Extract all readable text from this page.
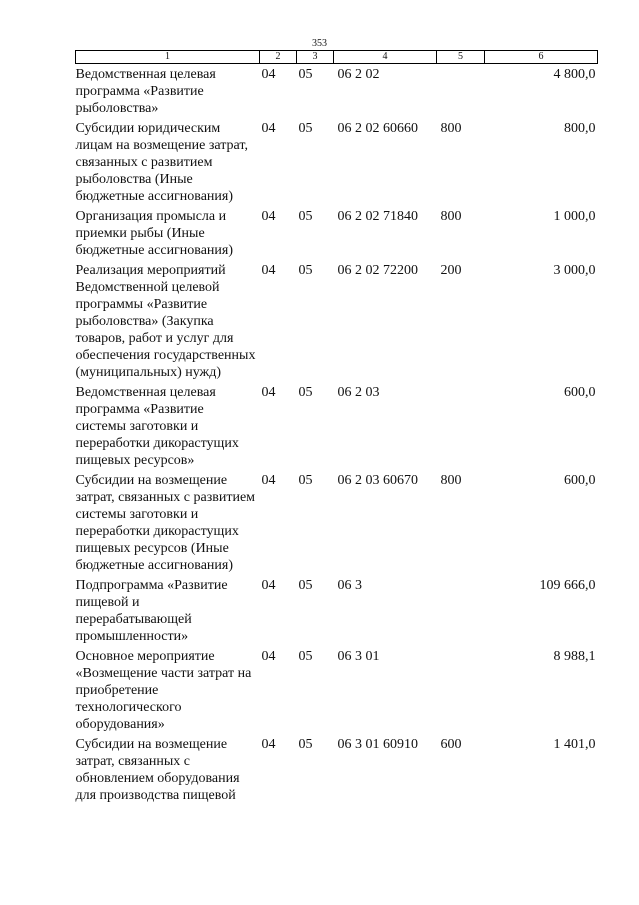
353
1	2	3	4	5	6
Ведомственная целевая программа «Развитие рыболовства»	04	05	06 2 02		4 800,0
Субсидии юридическим лицам на возмещение затрат, связанных с развитием рыболовства (Иные бюджетные ассигнования)	04	05	06 2 02 60660	800	800,0
Организация промысла и приемки рыбы (Иные бюджетные ассигнования)	04	05	06 2 02 71840	800	1 000,0
Реализация мероприятий Ведомственной целевой программы «Развитие рыболовства» (Закупка товаров, работ и услуг для обеспечения государственных (муниципальных) нужд)	04	05	06 2 02 72200	200	3 000,0
Ведомственная целевая программа «Развитие системы заготовки и переработки дикорастущих пищевых ресурсов»	04	05	06 2 03		600,0
Субсидии на возмещение затрат, связанных с развитием системы заготовки и переработки дикорастущих пищевых ресурсов (Иные бюджетные ассигнования)	04	05	06 2 03 60670	800	600,0
Подпрограмма «Развитие пищевой и перерабатывающей промышленности»	04	05	06 3		109 666,0
Основное мероприятие «Возмещение части затрат на приобретение технологического оборудования»	04	05	06 3 01		8 988,1
Субсидии на возмещение затрат, связанных с обновлением оборудования для производства пищевой	04	05	06 3 01 60910	600	1 401,0
